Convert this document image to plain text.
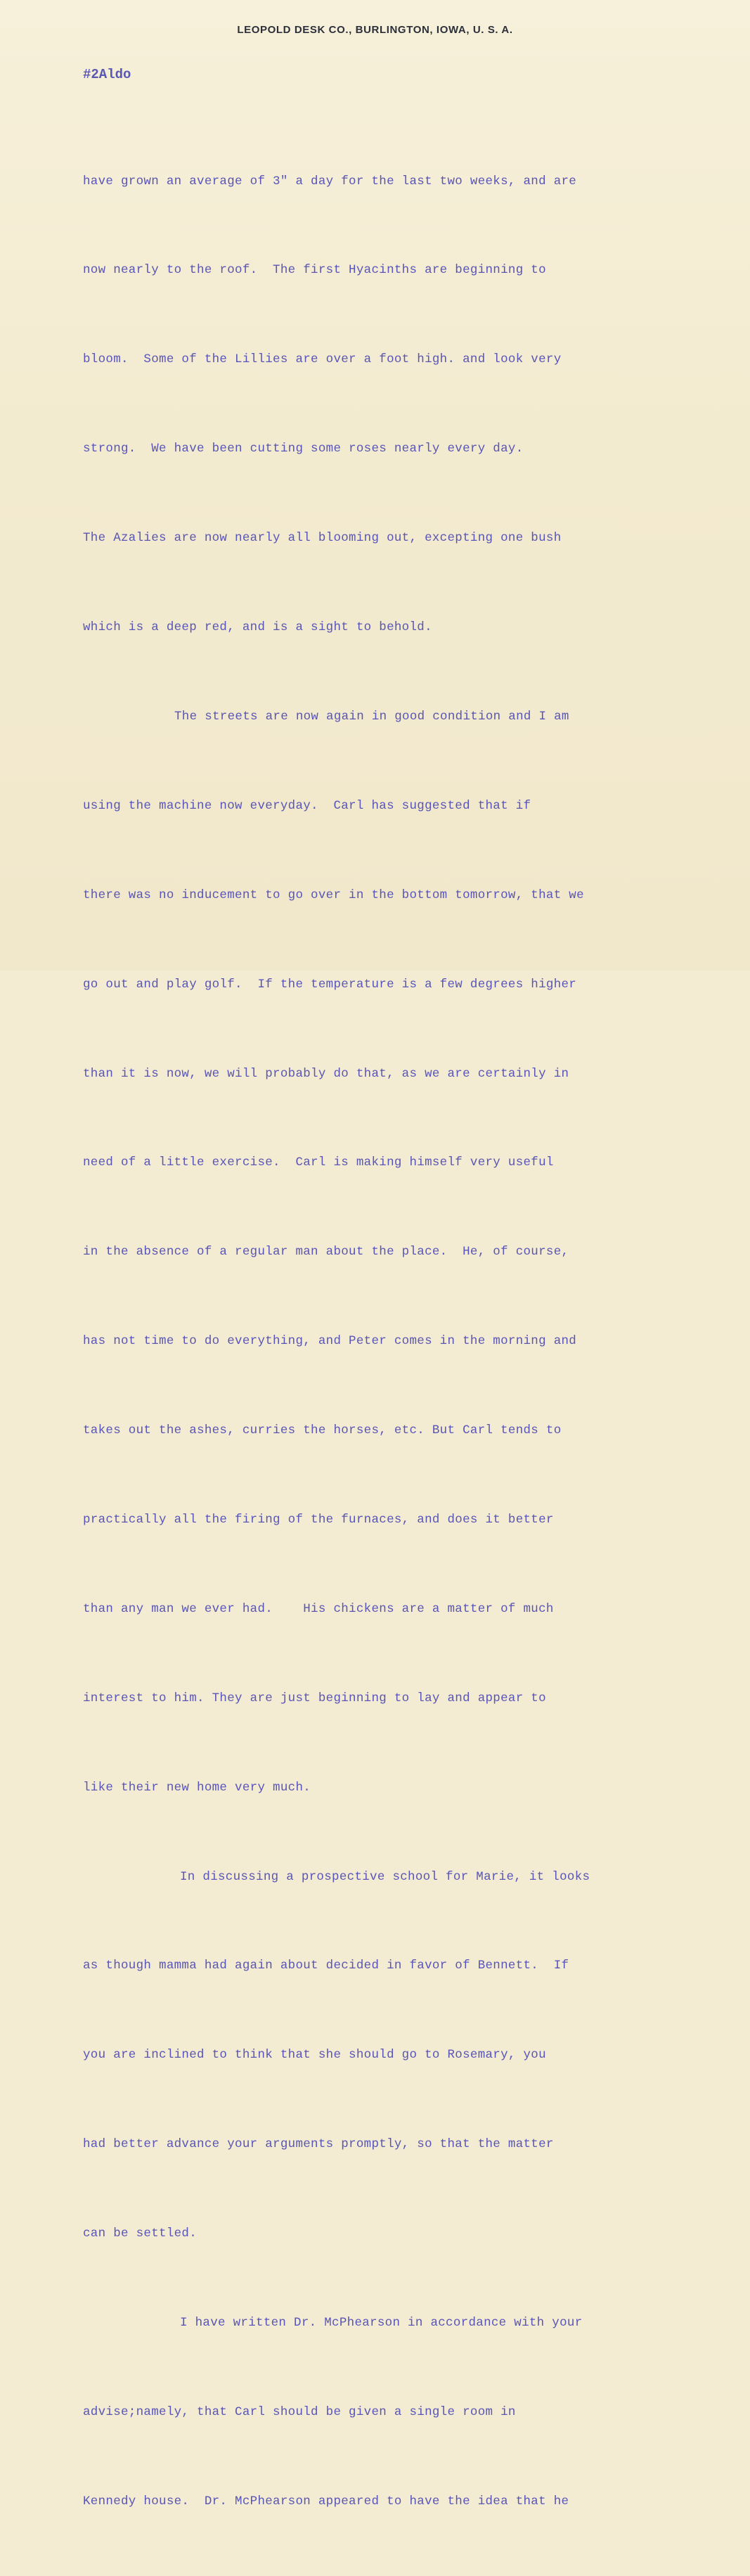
LEOPOLD DESK CO., BURLINGTON, IOWA, U. S. A.
#2Aldo

have grown an average of 3" a day for the last two weeks, and are

now nearly to the roof.  The first Hyacinths are beginning to

bloom.  Some of the Lillies are over a foot high. and look very

strong.  We have been cutting some roses nearly every day.

The Azalies are now nearly all blooming out, excepting one bush

which is a deep red, and is a sight to behold.

The streets are now again in good condition and I am

using the machine now everyday.  Carl has suggested that if

there was no inducement to go over in the bottom tomorrow, that we

go out and play golf.  If the temperature is a few degrees higher

than it is now, we will probably do that, as we are certainly in

need of a little exercise.  Carl is making himself very useful

in the absence of a regular man about the place.  He, of course,

has not time to do everything, and Peter comes in the morning and

takes out the ashes, curries the horses, etc. But Carl tends to

practically all the firing of the furnaces, and does it better

than any man we ever had.    His chickens are a matter of much

interest to him. They are just beginning to lay and appear to

like their new home very much.

In discussing a prospective school for Marie, it looks

as though mamma had again about decided in favor of Bennett.  If

you are inclined to think that she should go to Rosemary, you

had better advance your arguments promptly, so that the matter

can be settled.

I have written Dr. McPhearson in accordance with your

advise;namely, that Carl should be given a single room in

Kennedy house.  Dr. McPhearson appeared to have the idea that he
